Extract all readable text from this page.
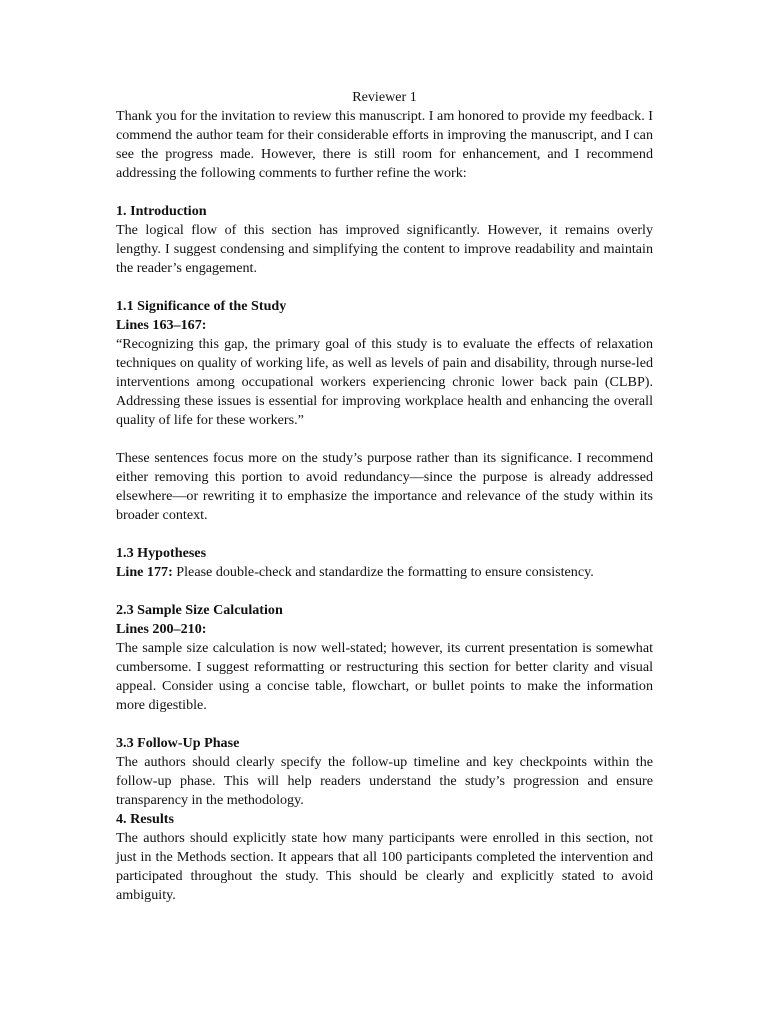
Reviewer 1

Thank you for the invitation to review this manuscript. I am honored to provide my feedback. I commend the author team for their considerable efforts in improving the manuscript, and I can see the progress made. However, there is still room for enhancement, and I recommend addressing the following comments to further refine the work:

1. Introduction

The logical flow of this section has improved significantly. However, it remains overly lengthy. I suggest condensing and simplifying the content to improve readability and maintain the reader’s engagement.

1.1 Significance of the Study

Lines 163–167:

“Recognizing this gap, the primary goal of this study is to evaluate the effects of relaxation techniques on quality of working life, as well as levels of pain and disability, through nurse-led interventions among occupational workers experiencing chronic lower back pain (CLBP). Addressing these issues is essential for improving workplace health and enhancing the overall quality of life for these workers.”

These sentences focus more on the study’s purpose rather than its significance. I recommend either removing this portion to avoid redundancy—since the purpose is already addressed elsewhere—or rewriting it to emphasize the importance and relevance of the study within its broader context.

1.3 Hypotheses

Line 177: Please double-check and standardize the formatting to ensure consistency.

2.3 Sample Size Calculation

Lines 200–210:

The sample size calculation is now well-stated; however, its current presentation is somewhat cumbersome. I suggest reformatting or restructuring this section for better clarity and visual appeal. Consider using a concise table, flowchart, or bullet points to make the information more digestible.

3.3 Follow-Up Phase

The authors should clearly specify the follow-up timeline and key checkpoints within the follow-up phase. This will help readers understand the study’s progression and ensure transparency in the methodology.

4. Results

The authors should explicitly state how many participants were enrolled in this section, not just in the Methods section. It appears that all 100 participants completed the intervention and participated throughout the study. This should be clearly and explicitly stated to avoid ambiguity.
